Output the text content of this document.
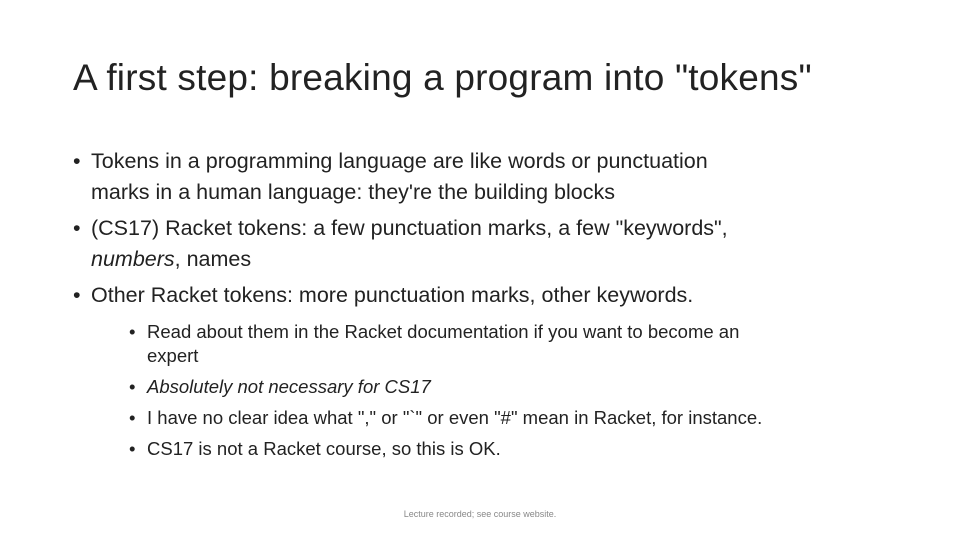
A first step: breaking a program into "tokens"
• Tokens in a programming language are like words or punctuation
marks in a human language: they're the building blocks
• (CS17) Racket tokens: a few punctuation marks, a few "keywords",
numbers, names
• Other Racket tokens: more punctuation marks, other keywords.
• Read about them in the Racket documentation if you want to become an
expert
• Absolutely not necessary for CS17
• I have no clear idea what "," or "`" or even "#" mean in Racket, for instance.
• CS17 is not a Racket course, so this is OK.
Lecture recorded; see course website.
